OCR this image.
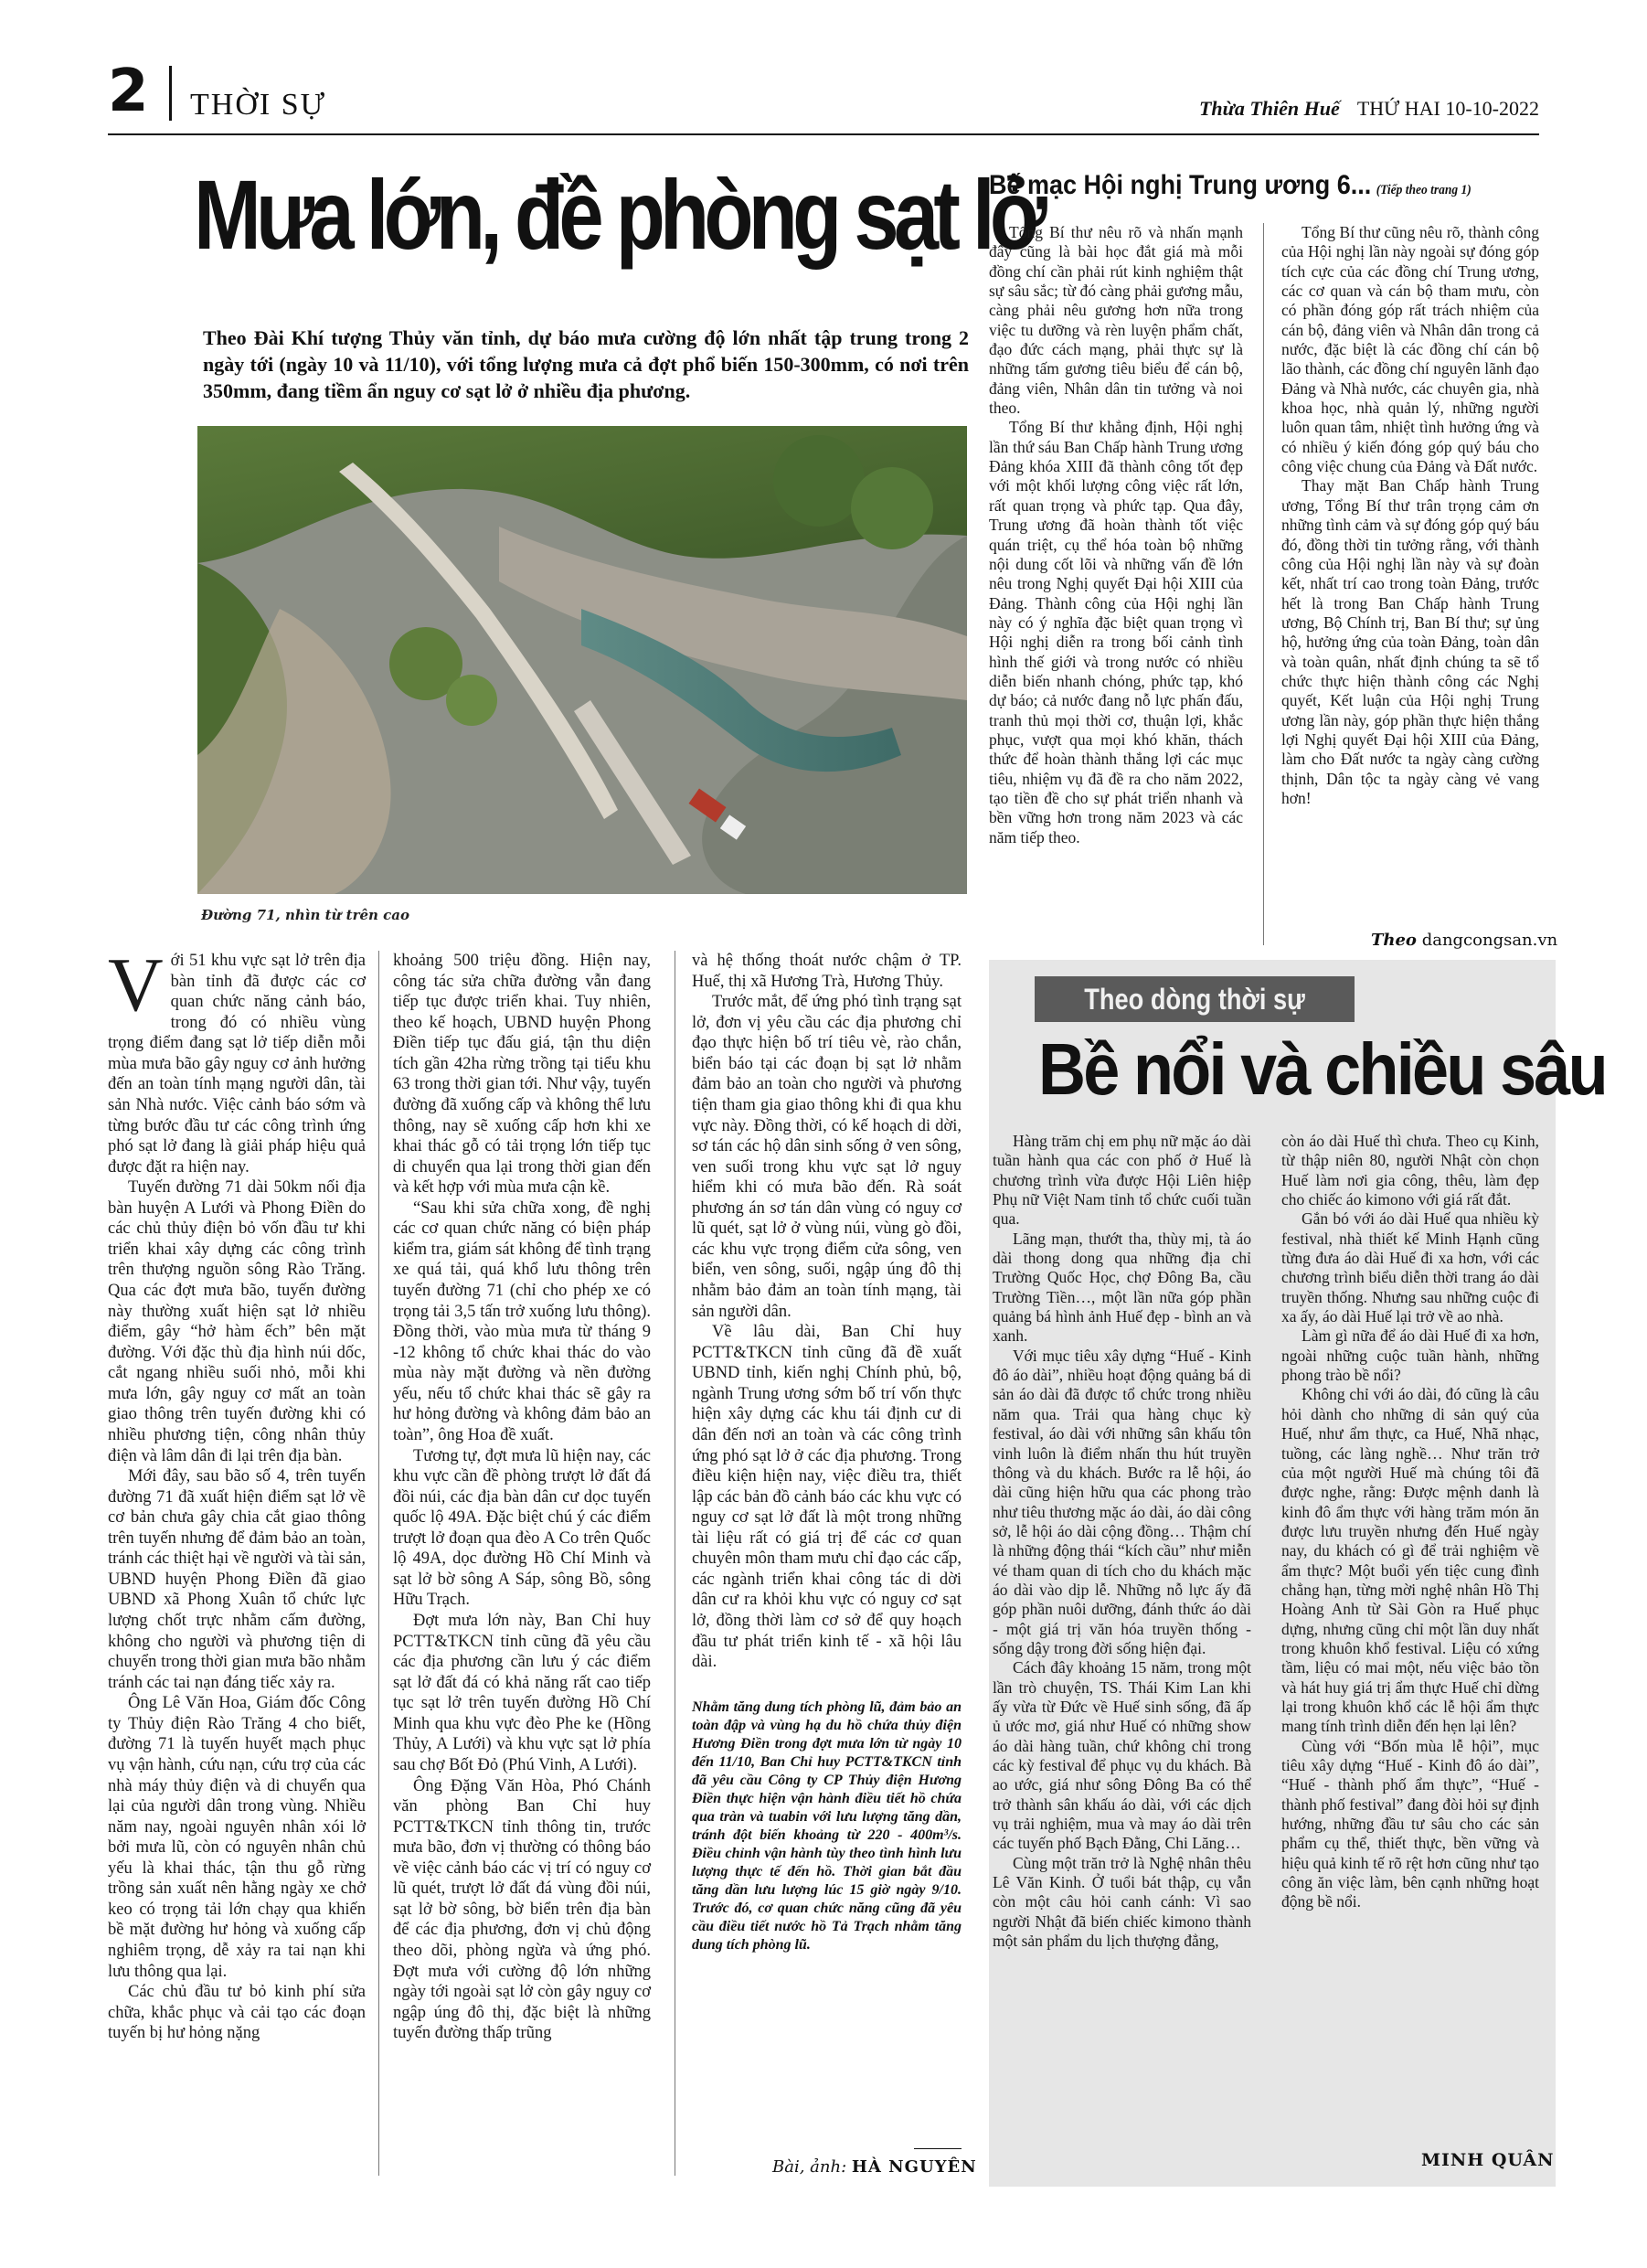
2 THỜI SỰ	Thừa Thiên Huế THỨ HAI 10-10-2022
Mưa lớn, đề phòng sạt lở
Theo Đài Khí tượng Thủy văn tỉnh, dự báo mưa cường độ lớn nhất tập trung trong 2 ngày tới (ngày 10 và 11/10), với tổng lượng mưa cả đợt phổ biến 150-300mm, có nơi trên 350mm, đang tiềm ẩn nguy cơ sạt lở ở nhiều địa phương.
Đường 71, nhìn từ trên cao

Với 51 khu vực sạt lở trên địa bàn tỉnh đã được các cơ quan chức năng cảnh báo, trong đó có nhiều vùng trọng điểm đang sạt lở tiếp diễn mỗi mùa mưa bão gây nguy cơ ảnh hưởng đến an toàn tính mạng người dân, tài sản Nhà nước. Việc cảnh báo sớm và từng bước đầu tư các công trình ứng phó sạt lở đang là giải pháp hiệu quả được đặt ra hiện nay.

Tuyến đường 71 dài 50km nối địa bàn huyện A Lưới và Phong Điền do các chủ thủy điện bỏ vốn đầu tư khi triển khai xây dựng các công trình trên thượng nguồn sông Rào Trăng. Qua các đợt mưa bão, tuyến đường này thường xuất hiện sạt lở nhiều điểm, gây “hở hàm ếch” bên mặt đường. Với đặc thù địa hình núi dốc, cắt ngang nhiều suối nhỏ, mỗi khi mưa lớn, gây nguy cơ mất an toàn giao thông trên tuyến đường khi có nhiều phương tiện, công nhân thủy điện và lâm dân đi lại trên địa bàn.

Mới đây, sau bão số 4, trên tuyến đường 71 đã xuất hiện điểm sạt lở về cơ bản chưa gây chia cắt giao thông trên tuyến nhưng để đảm bảo an toàn, tránh các thiệt hại về người và tài sản, UBND huyện Phong Điền đã giao UBND xã Phong Xuân tổ chức lực lượng chốt trực nhằm cấm đường, không cho người và phương tiện di chuyển trong thời gian mưa bão nhằm tránh các tai nạn đáng tiếc xảy ra.

Ông Lê Văn Hoa, Giám đốc Công ty Thủy điện Rào Trăng 4 cho biết, đường 71 là tuyến huyết mạch phục vụ vận hành, cứu nạn, cứu trợ của các nhà máy thủy điện và di chuyển qua lại của người dân trong vùng. Nhiều năm nay, ngoài nguyên nhân xói lở bởi mưa lũ, còn có nguyên nhân chủ yếu là khai thác, tận thu gỗ rừng trồng sản xuất nên hằng ngày xe chở keo có trọng tải lớn chạy qua khiến bề mặt đường hư hỏng và xuống cấp nghiêm trọng, dễ xảy ra tai nạn khi lưu thông qua lại.

Các chủ đầu tư bỏ kinh phí sửa chữa, khắc phục và cải tạo các đoạn tuyến bị hư hỏng nặng

khoảng 500 triệu đồng. Hiện nay, công tác sửa chữa đường vẫn đang tiếp tục được triển khai. Tuy nhiên, theo kế hoạch, UBND huyện Phong Điền tiếp tục đấu giá, tận thu diện tích gần 42ha rừng trồng tại tiểu khu 63 trong thời gian tới. Như vậy, tuyến đường đã xuống cấp và không thể lưu thông, nay sẽ xuống cấp hơn khi xe khai thác gỗ có tải trọng lớn tiếp tục di chuyển qua lại trong thời gian đến và kết hợp với mùa mưa cận kề.

“Sau khi sửa chữa xong, đề nghị các cơ quan chức năng có biện pháp kiểm tra, giám sát không để tình trạng xe quá tải, quá khổ lưu thông trên tuyến đường 71 (chỉ cho phép xe có trọng tải 3,5 tấn trở xuống lưu thông). Đồng thời, vào mùa mưa từ tháng 9 -12 không tổ chức khai thác do vào mùa này mặt đường và nền đường yếu, nếu tổ chức khai thác sẽ gây ra hư hỏng đường và không đảm bảo an toàn”, ông Hoa đề xuất.

Tương tự, đợt mưa lũ hiện nay, các khu vực cần đề phòng trượt lở đất đá đồi núi, các địa bàn dân cư dọc tuyến quốc lộ 49A. Đặc biệt chú ý các điểm trượt lở đoạn qua đèo A Co trên Quốc lộ 49A, dọc đường Hồ Chí Minh và sạt lở bờ sông A Sáp, sông Bồ, sông Hữu Trạch.

Đợt mưa lớn này, Ban Chỉ huy PCTT&TKCN tỉnh cũng đã yêu cầu các địa phương cần lưu ý các điểm sạt lở đất đá có khả năng rất cao tiếp tục sạt lở trên tuyến đường Hồ Chí Minh qua khu vực đèo Phe ke (Hồng Thủy, A Lưới) và khu vực sạt lở phía sau chợ Bốt Đỏ (Phú Vinh, A Lưới).

Ông Đặng Văn Hòa, Phó Chánh văn phòng Ban Chỉ huy PCTT&TKCN tỉnh thông tin, trước mưa bão, đơn vị thường có thông báo về việc cảnh báo các vị trí có nguy cơ lũ quét, trượt lở đất đá vùng đồi núi, sạt lở bờ sông, bờ biển trên địa bàn để các địa phương, đơn vị chủ động theo dõi, phòng ngừa và ứng phó. Đợt mưa với cường độ lớn những ngày tới ngoài sạt lở còn gây nguy cơ ngập úng đô thị, đặc biệt là những tuyến đường thấp trũng

và hệ thống thoát nước chậm ở TP. Huế, thị xã Hương Trà, Hương Thủy.

Trước mắt, để ứng phó tình trạng sạt lở, đơn vị yêu cầu các địa phương chỉ đạo thực hiện bố trí tiêu vè, rào chắn, biển báo tại các đoạn bị sạt lở nhằm đảm bảo an toàn cho người và phương tiện tham gia giao thông khi đi qua khu vực này. Đồng thời, có kế hoạch di dời, sơ tán các hộ dân sinh sống ở ven sông, ven suối trong khu vực sạt lở nguy hiểm khi có mưa bão đến. Rà soát phương án sơ tán dân vùng có nguy cơ lũ quét, sạt lở ở vùng núi, vùng gò đồi, các khu vực trọng điểm cửa sông, ven biển, ven sông, suối, ngập úng đô thị nhằm bảo đảm an toàn tính mạng, tài sản người dân.

Về lâu dài, Ban Chỉ huy PCTT&TKCN tỉnh cũng đã đề xuất UBND tỉnh, kiến nghị Chính phủ, bộ, ngành Trung ương sớm bố trí vốn thực hiện xây dựng các khu tái định cư di dân đến nơi an toàn và các công trình ứng phó sạt lở ở các địa phương. Trong điều kiện hiện nay, việc điều tra, thiết lập các bản đồ cảnh báo các khu vực có nguy cơ sạt lở đất là một trong những tài liệu rất có giá trị để các cơ quan chuyên môn tham mưu chỉ đạo các cấp, các ngành triển khai công tác di dời dân cư ra khỏi khu vực có nguy cơ sạt lở, đồng thời làm cơ sở để quy hoạch đầu tư phát triển kinh tế - xã hội lâu dài.

Nhằm tăng dung tích phòng lũ, đảm bảo an toàn đập và vùng hạ du hồ chứa thủy điện Hương Điền trong đợt mưa lớn từ ngày 10 đến 11/10, Ban Chỉ huy PCTT&TKCN tỉnh đã yêu cầu Công ty CP Thủy điện Hương Điền thực hiện vận hành điều tiết hồ chứa qua tràn và tuabin với lưu lượng tăng dần, tránh đột biến khoảng từ 220 - 400m³/s. Điều chỉnh vận hành tùy theo tình hình lưu lượng thực tế đến hồ. Thời gian bắt đầu tăng dần lưu lượng lúc 15 giờ ngày 9/10. Trước đó, cơ quan chức năng cũng đã yêu cầu điều tiết nước hồ Tả Trạch nhằm tăng dung tích phòng lũ.

Bài, ảnh: HÀ NGUYÊN
Bế mạc Hội nghị Trung ương 6... (Tiếp theo trang 1)

Tổng Bí thư nêu rõ và nhấn mạnh đây cũng là bài học đắt giá mà mỗi đồng chí cần phải rút kinh nghiệm thật sự sâu sắc; từ đó càng phải gương mẫu, càng phải nêu gương hơn nữa trong việc tu dưỡng và rèn luyện phẩm chất, đạo đức cách mạng, phải thực sự là những tấm gương tiêu biểu để cán bộ, đảng viên, Nhân dân tin tưởng và noi theo.

Tổng Bí thư khẳng định, Hội nghị lần thứ sáu Ban Chấp hành Trung ương Đảng khóa XIII đã thành công tốt đẹp với một khối lượng công việc rất lớn, rất quan trọng và phức tạp. Qua đây, Trung ương đã hoàn thành tốt việc quán triệt, cụ thể hóa toàn bộ những nội dung cốt lõi và những vấn đề lớn nêu trong Nghị quyết Đại hội XIII của Đảng. Thành công của Hội nghị lần này có ý nghĩa đặc biệt quan trọng vì Hội nghị diễn ra trong bối cảnh tình hình thế giới và trong nước có nhiều diễn biến nhanh chóng, phức tạp, khó dự báo; cả nước đang nỗ lực phấn đấu, tranh thủ mọi thời cơ, thuận lợi, khắc phục, vượt qua mọi khó khăn, thách thức để hoàn thành thắng lợi các mục tiêu, nhiệm vụ đã đề ra cho năm 2022, tạo tiền đề cho sự phát triển nhanh và bền vững hơn trong năm 2023 và các năm tiếp theo.

Tổng Bí thư cũng nêu rõ, thành công của Hội nghị lần này ngoài sự đóng góp tích cực của các đồng chí Trung ương, các cơ quan và cán bộ tham mưu, còn có phần đóng góp rất trách nhiệm của cán bộ, đảng viên và Nhân dân trong cả nước, đặc biệt là các đồng chí cán bộ lão thành, các đồng chí nguyên lãnh đạo Đảng và Nhà nước, các chuyên gia, nhà khoa học, nhà quản lý, những người luôn quan tâm, nhiệt tình hưởng ứng và có nhiều ý kiến đóng góp quý báu cho công việc chung của Đảng và Đất nước.

Thay mặt Ban Chấp hành Trung ương, Tổng Bí thư trân trọng cảm ơn những tình cảm và sự đóng góp quý báu đó, đồng thời tin tưởng rằng, với thành công của Hội nghị lần này và sự đoàn kết, nhất trí cao trong toàn Đảng, trước hết là trong Ban Chấp hành Trung ương, Bộ Chính trị, Ban Bí thư; sự ủng hộ, hưởng ứng của toàn Đảng, toàn dân và toàn quân, nhất định chúng ta sẽ tổ chức thực hiện thành công các Nghị quyết, Kết luận của Hội nghị Trung ương lần này, góp phần thực hiện thắng lợi Nghị quyết Đại hội XIII của Đảng, làm cho Đất nước ta ngày càng cường thịnh, Dân tộc ta ngày càng vẻ vang hơn!

Theo dangcongsan.vn
Theo dòng thời sự
Bề nổi và chiều sâu

Hàng trăm chị em phụ nữ mặc áo dài tuần hành qua các con phố ở Huế là chương trình vừa được Hội Liên hiệp Phụ nữ Việt Nam tỉnh tổ chức cuối tuần qua.

Lãng mạn, thướt tha, thùy mị, tà áo dài thong dong qua những địa chỉ Trường Quốc Học, chợ Đông Ba, cầu Trường Tiền…, một lần nữa góp phần quảng bá hình ảnh Huế đẹp - bình an và xanh.

Với mục tiêu xây dựng “Huế - Kinh đô áo dài”, nhiều hoạt động quảng bá di sản áo dài đã được tổ chức trong nhiều năm qua. Trải qua hàng chục kỳ festival, áo dài với những sân khấu tôn vinh luôn là điểm nhấn thu hút truyền thông và du khách. Bước ra lễ hội, áo dài cũng hiện hữu qua các phong trào như tiêu thương mặc áo dài, áo dài công sở, lễ hội áo dài cộng đồng… Thậm chí là những động thái “kích cầu” như miễn vé tham quan di tích cho du khách mặc áo dài vào dịp lễ. Những nỗ lực ấy đã góp phần nuôi dưỡng, đánh thức áo dài - một giá trị văn hóa truyền thống - sống dậy trong đời sống hiện đại.

Cách đây khoảng 15 năm, trong một lần trò chuyện, TS. Thái Kim Lan khi ấy vừa từ Đức về Huế sinh sống, đã ấp ủ ước mơ, giá như Huế có những show áo dài hàng tuần, chứ không chỉ trong các kỳ festival để phục vụ du khách. Bà ao ước, giá như sông Đông Ba có thể trở thành sân khấu áo dài, với các dịch vụ trải nghiệm, mua và may áo dài trên các tuyến phố Bạch Đằng, Chi Lăng…

Cùng một trăn trở là Nghệ nhân thêu Lê Văn Kinh. Ở tuổi bát thập, cụ vẫn còn một câu hỏi canh cánh: Vì sao người Nhật đã biến chiếc kimono thành một sản phẩm du lịch thượng đẳng,

còn áo dài Huế thì chưa. Theo cụ Kinh, từ thập niên 80, người Nhật còn chọn Huế làm nơi gia công, thêu, làm đẹp cho chiếc áo kimono với giá rất đắt.

Gắn bó với áo dài Huế qua nhiều kỳ festival, nhà thiết kế Minh Hạnh cũng từng đưa áo dài Huế đi xa hơn, với các chương trình biểu diễn thời trang áo dài truyền thống. Nhưng sau những cuộc đi xa ấy, áo dài Huế lại trở về ao nhà.

Làm gì nữa để áo dài Huế đi xa hơn, ngoài những cuộc tuần hành, những phong trào bề nổi?

Không chỉ với áo dài, đó cũng là câu hỏi dành cho những di sản quý của Huế, như ẩm thực, ca Huế, Nhã nhạc, tuồng, các làng nghề… Như trăn trở của một người Huế mà chúng tôi đã được nghe, rằng: Được mệnh danh là kinh đô ẩm thực với hàng trăm món ăn được lưu truyền nhưng đến Huế ngày nay, du khách có gì để trải nghiệm về ẩm thực? Một buổi yến tiệc cung đình chẳng hạn, từng mời nghệ nhân Hồ Thị Hoàng Anh từ Sài Gòn ra Huế phục dựng, nhưng cũng chỉ một lần duy nhất trong khuôn khổ festival. Liệu có xứng tầm, liệu có mai một, nếu việc bảo tồn và hát huy giá trị ẩm thực Huế chỉ dừng lại trong khuôn khổ các lễ hội ẩm thực mang tính trình diễn đến hẹn lại lên?

Cùng với “Bốn mùa lễ hội”, mục tiêu xây dựng “Huế - Kinh đô áo dài”, “Huế - thành phố ẩm thực”, “Huế - thành phố festival” đang đòi hỏi sự định hướng, những đầu tư sâu cho các sản phẩm cụ thể, thiết thực, bền vững và hiệu quả kinh tế rõ rệt hơn cũng như tạo công ăn việc làm, bên cạnh những hoạt động bề nổi.

MINH QUÂN
